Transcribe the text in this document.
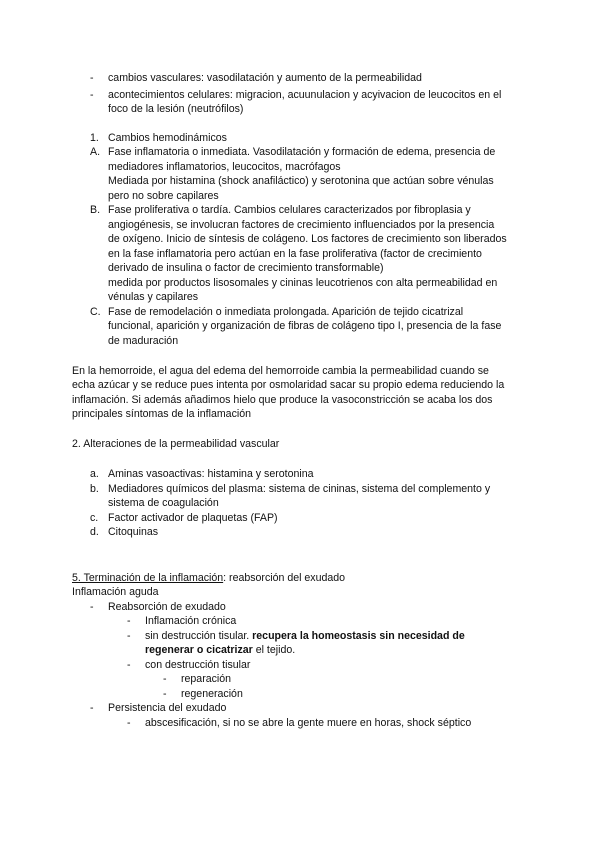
- cambios vasculares: vasodilatación y aumento de la permeabilidad
- acontecimientos celulares: migracion, acuunulacion y acyivacion de leucocitos en el
foco de la lesión (neutrófilos)
1. Cambios hemodinámicos
A. Fase inflamatoria o inmediata. Vasodilatación y formación de edema, presencia de
mediadores inflamatorios, leucocitos, macrófagos
Mediada por histamina (shock anafiláctico) y serotonina que actúan sobre vénulas
pero no sobre capilares
B. Fase proliferativa o tardía. Cambios celulares caracterizados por fibroplasia y
angiogénesis, se involucran factores de crecimiento influenciados por la presencia
de oxígeno. Inicio de síntesis de colágeno. Los factores de crecimiento son liberados
en la fase inflamatoria pero actúan en la fase proliferativa (factor de crecimiento
derivado de insulina o factor de crecimiento transformable)
medida por productos lisosomales y cininas leucotrienos con alta permeabilidad en
vénulas y capilares
C. Fase de remodelación o inmediata prolongada. Aparición de tejido cicatrizal
funcional, aparición y organización de fibras de colágeno tipo I, presencia de la fase
de maduración
En la hemorroide, el agua del edema del hemorroide cambia la permeabilidad cuando se
echa azúcar y se reduce pues intenta por osmolaridad sacar su propio edema reduciendo la
inflamación. Si además añadimos hielo que produce la vasoconstricción se acaba los dos
principales síntomas de la inflamación
2. Alteraciones de la permeabilidad vascular
a. Aminas vasoactivas: histamina y serotonina
b. Mediadores químicos del plasma: sistema de cininas, sistema del complemento y
sistema de coagulación
c. Factor activador de plaquetas (FAP)
d. Citoquinas
5. Terminación de la inflamación: reabsorción del exudado
Inflamación aguda
- Reabsorción de exudado
- Inflamación crónica
- sin destrucción tisular. recupera la homeostasis sin necesidad de
regenerar o cicatrizar el tejido.
- con destrucción tisular
- reparación
- regeneración
- Persistencia del exudado
- abscesificación, si no se abre la gente muere en horas, shock séptico
